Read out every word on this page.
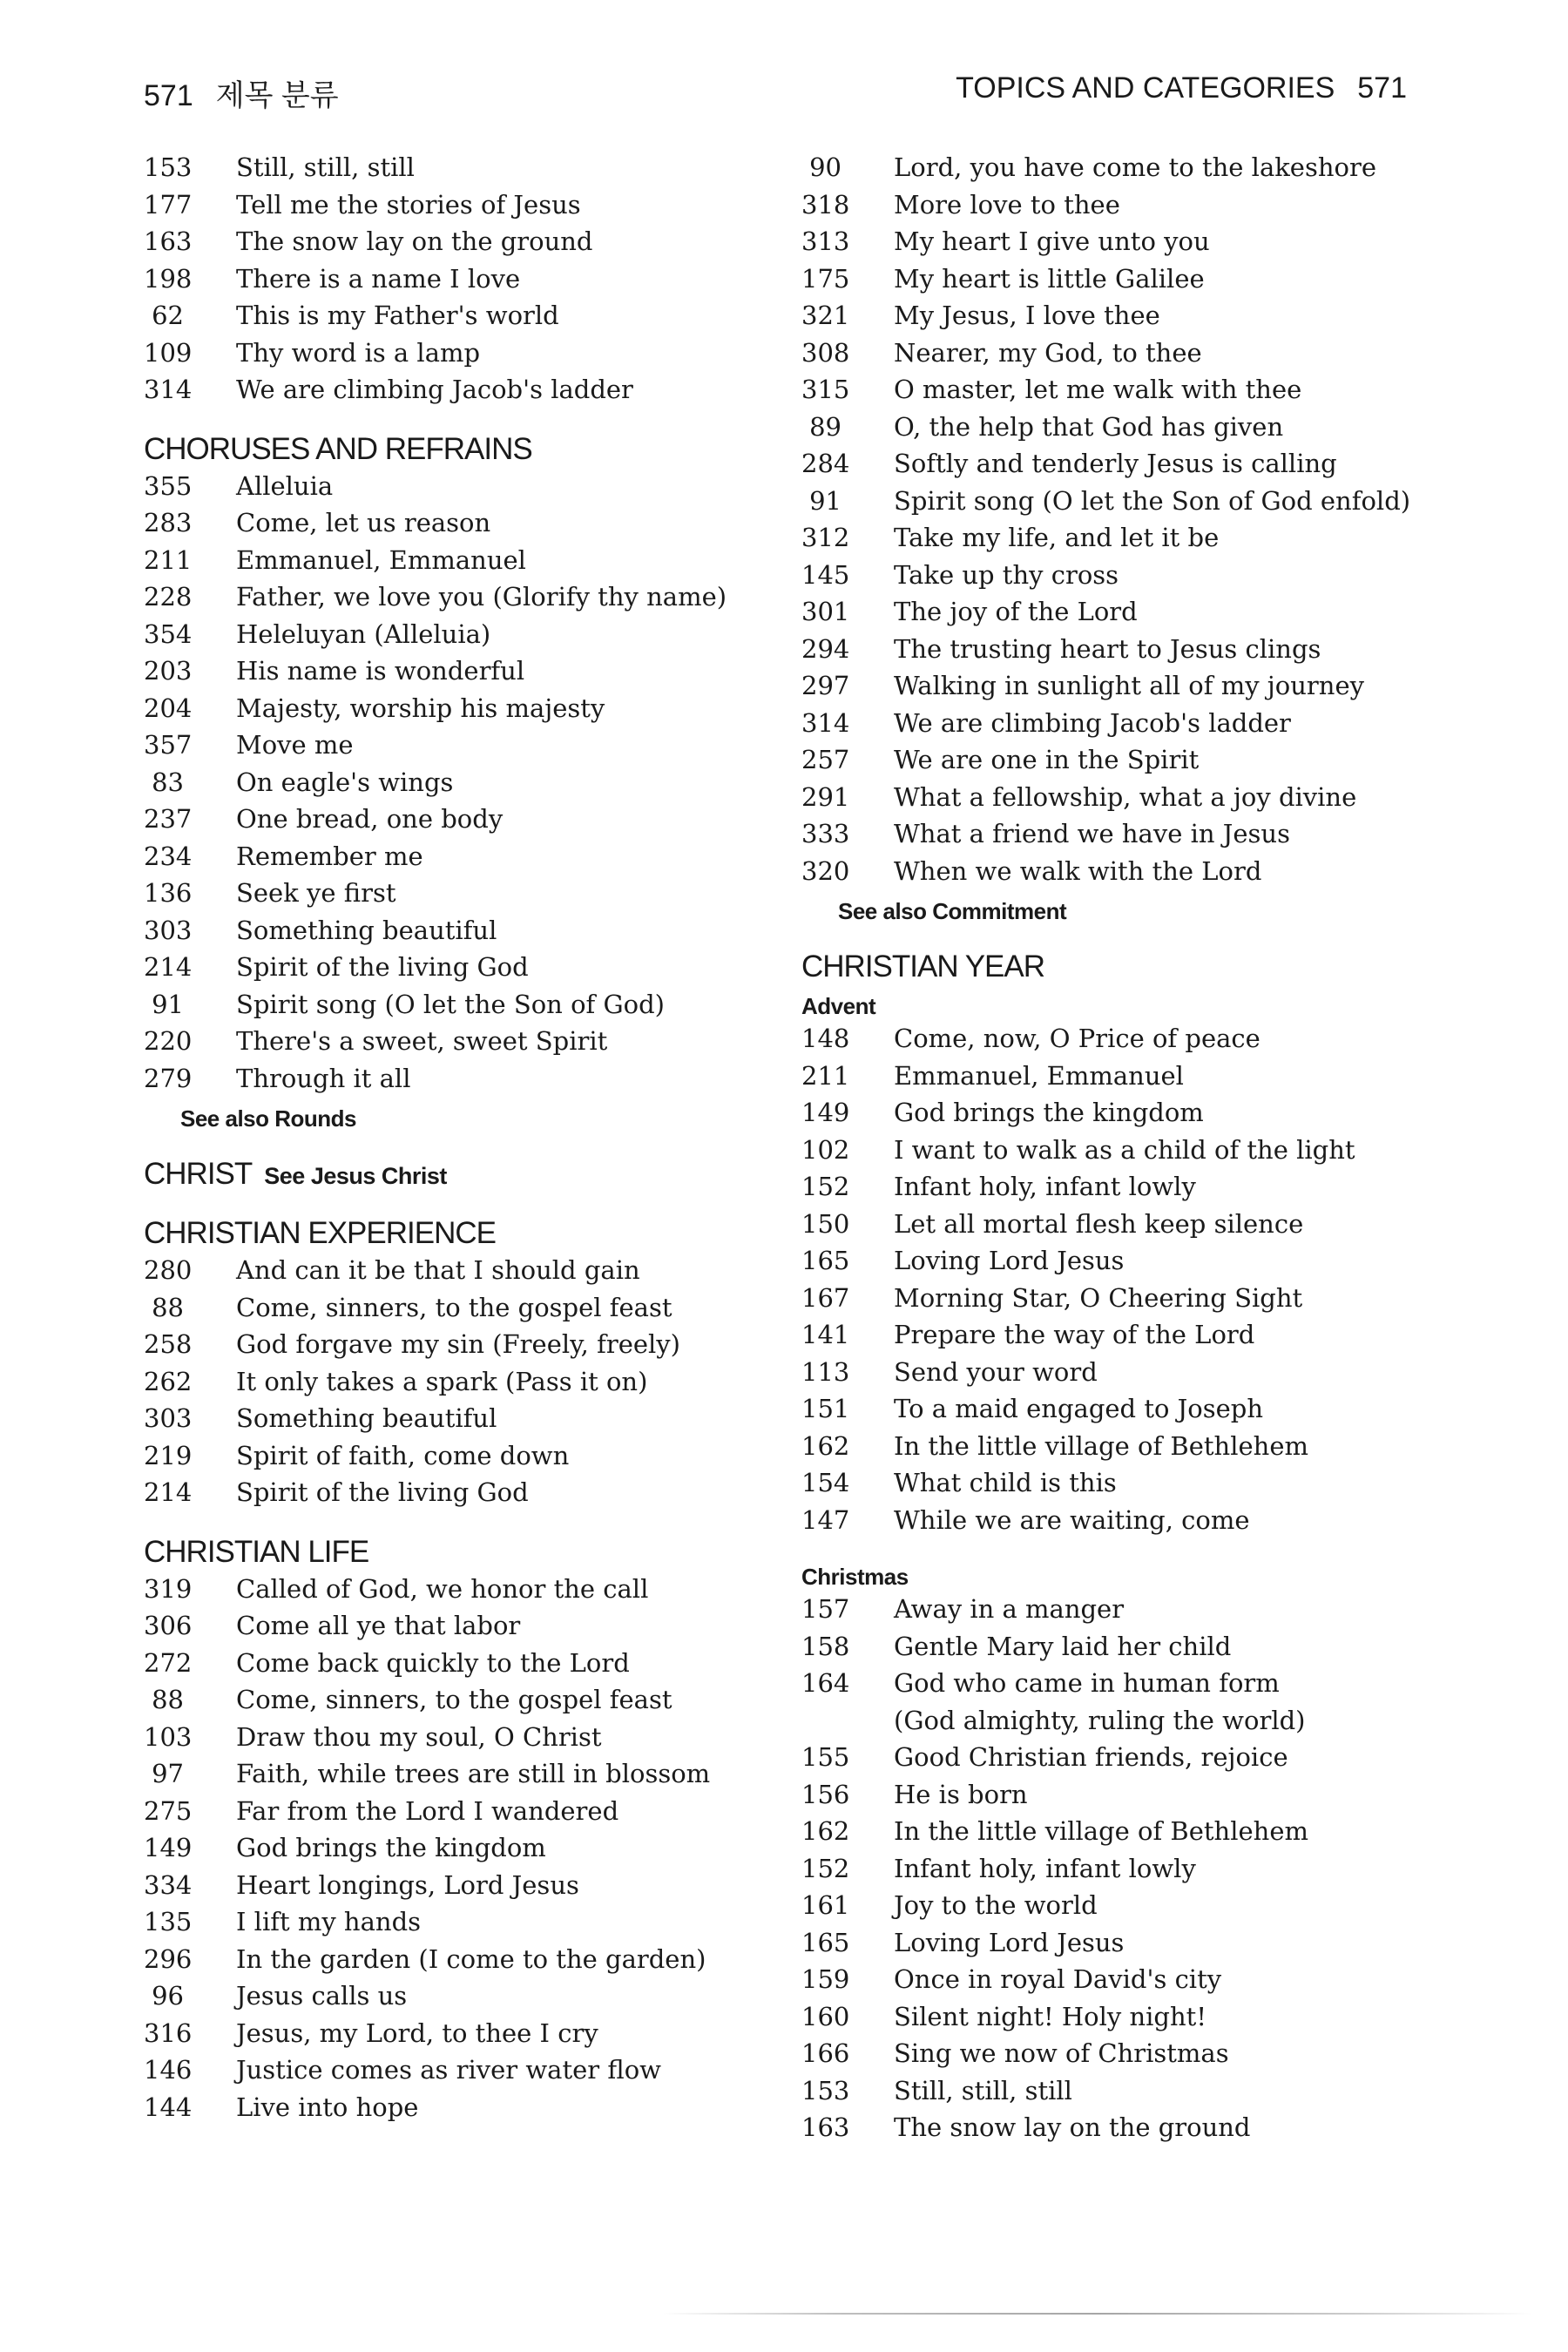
571 제목 분류	TOPICS AND CATEGORIES 571
153 Still, still, still
177 Tell me the stories of Jesus
163 The snow lay on the ground
198 There is a name I love
62 This is my Father's world
109 Thy word is a lamp
314 We are climbing Jacob's ladder
CHORUSES AND REFRAINS
355 Alleluia
283 Come, let us reason
211 Emmanuel, Emmanuel
228 Father, we love you (Glorify thy name)
354 Heleluyan (Alleluia)
203 His name is wonderful
204 Majesty, worship his majesty
357 Move me
83 On eagle's wings
237 One bread, one body
234 Remember me
136 Seek ye first
303 Something beautiful
214 Spirit of the living God
91 Spirit song (O let the Son of God)
220 There's a sweet, sweet Spirit
279 Through it all
See also Rounds
CHRIST See Jesus Christ
CHRISTIAN EXPERIENCE
280 And can it be that I should gain
88 Come, sinners, to the gospel feast
258 God forgave my sin (Freely, freely)
262 It only takes a spark (Pass it on)
303 Something beautiful
219 Spirit of faith, come down
214 Spirit of the living God
CHRISTIAN LIFE
319 Called of God, we honor the call
306 Come all ye that labor
272 Come back quickly to the Lord
88 Come, sinners, to the gospel feast
103 Draw thou my soul, O Christ
97 Faith, while trees are still in blossom
275 Far from the Lord I wandered
149 God brings the kingdom
334 Heart longings, Lord Jesus
135 I lift my hands
296 In the garden (I come to the garden)
96 Jesus calls us
316 Jesus, my Lord, to thee I cry
146 Justice comes as river water flow
144 Live into hope
90 Lord, you have come to the lakeshore
318 More love to thee
313 My heart I give unto you
175 My heart is little Galilee
321 My Jesus, I love thee
308 Nearer, my God, to thee
315 O master, let me walk with thee
89 O, the help that God has given
284 Softly and tenderly Jesus is calling
91 Spirit song (O let the Son of God enfold)
312 Take my life, and let it be
145 Take up thy cross
301 The joy of the Lord
294 The trusting heart to Jesus clings
297 Walking in sunlight all of my journey
314 We are climbing Jacob's ladder
257 We are one in the Spirit
291 What a fellowship, what a joy divine
333 What a friend we have in Jesus
320 When we walk with the Lord
See also Commitment
CHRISTIAN YEAR
Advent
148 Come, now, O Price of peace
211 Emmanuel, Emmanuel
149 God brings the kingdom
102 I want to walk as a child of the light
152 Infant holy, infant lowly
150 Let all mortal flesh keep silence
165 Loving Lord Jesus
167 Morning Star, O Cheering Sight
141 Prepare the way of the Lord
113 Send your word
151 To a maid engaged to Joseph
162 In the little village of Bethlehem
154 What child is this
147 While we are waiting, come
Christmas
157 Away in a manger
158 Gentle Mary laid her child
164 God who came in human form
(God almighty, ruling the world)
155 Good Christian friends, rejoice
156 He is born
162 In the little village of Bethlehem
152 Infant holy, infant lowly
161 Joy to the world
165 Loving Lord Jesus
159 Once in royal David's city
160 Silent night! Holy night!
166 Sing we now of Christmas
153 Still, still, still
163 The snow lay on the ground
